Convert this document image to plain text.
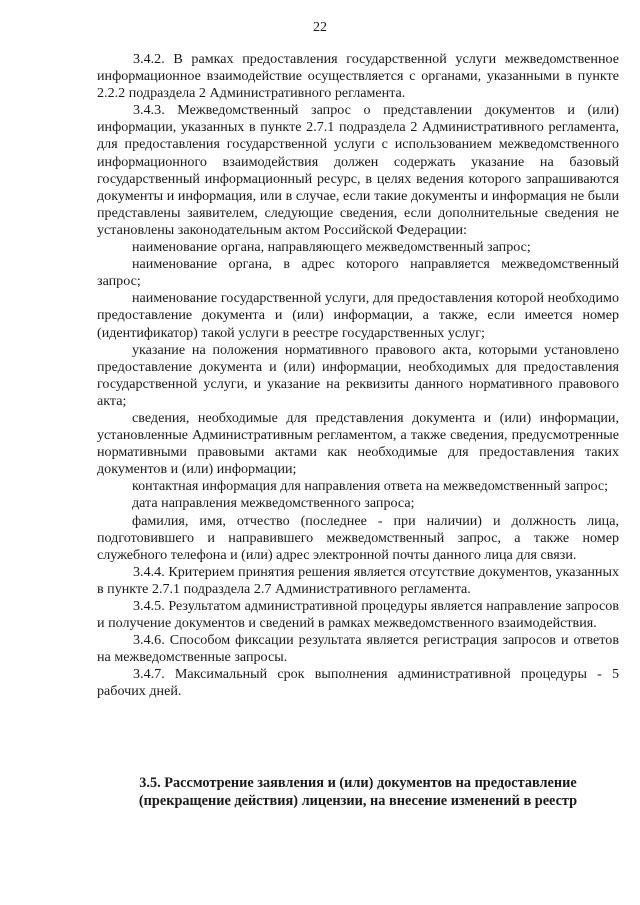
22

3.4.2. В рамках предоставления государственной услуги межведомственное информационное взаимодействие осуществляется с органами, указанными в пункте 2.2.2 подраздела 2 Административного регламента.

3.4.3. Межведомственный запрос о представлении документов и (или) информации, указанных в пункте 2.7.1 подраздела 2 Административного регламента, для предоставления государственной услуги с использованием межведомственного информационного взаимодействия должен содержать указание на базовый государственный информационный ресурс, в целях ведения которого запрашиваются документы и информация, или в случае, если такие документы и информация не были представлены заявителем, следующие сведения, если дополнительные сведения не установлены законодательным актом Российской Федерации:

наименование органа, направляющего межведомственный запрос;

наименование органа, в адрес которого направляется межведомственный запрос;

наименование государственной услуги, для предоставления которой необходимо предоставление документа и (или) информации, а также, если имеется номер (идентификатор) такой услуги в реестре государственных услуг;

указание на положения нормативного правового акта, которыми установлено предоставление документа и (или) информации, необходимых для предоставления государственной услуги, и указание на реквизиты данного нормативного правового акта;

сведения, необходимые для представления документа и (или) информации, установленные Административным регламентом, а также сведения, предусмотренные нормативными правовыми актами как необходимые для предоставления таких документов и (или) информации;

контактная информация для направления ответа на межведомственный запрос;

дата направления межведомственного запроса;

фамилия, имя, отчество (последнее - при наличии) и должность лица, подготовившего и направившего межведомственный запрос, а также номер служебного телефона и (или) адрес электронной почты данного лица для связи.

3.4.4. Критерием принятия решения является отсутствие документов, указанных в пункте 2.7.1 подраздела 2.7 Административного регламента.

3.4.5. Результатом административной процедуры является направление запросов и получение документов и сведений в рамках межведомственного взаимодействия.

3.4.6. Способом фиксации результата является регистрация запросов и ответов на межведомственные запросы.

3.4.7. Максимальный срок выполнения административной процедуры - 5 рабочих дней.

3.5. Рассмотрение заявления и (или) документов на предоставление
(прекращение действия) лицензии, на внесение изменений в реестр
